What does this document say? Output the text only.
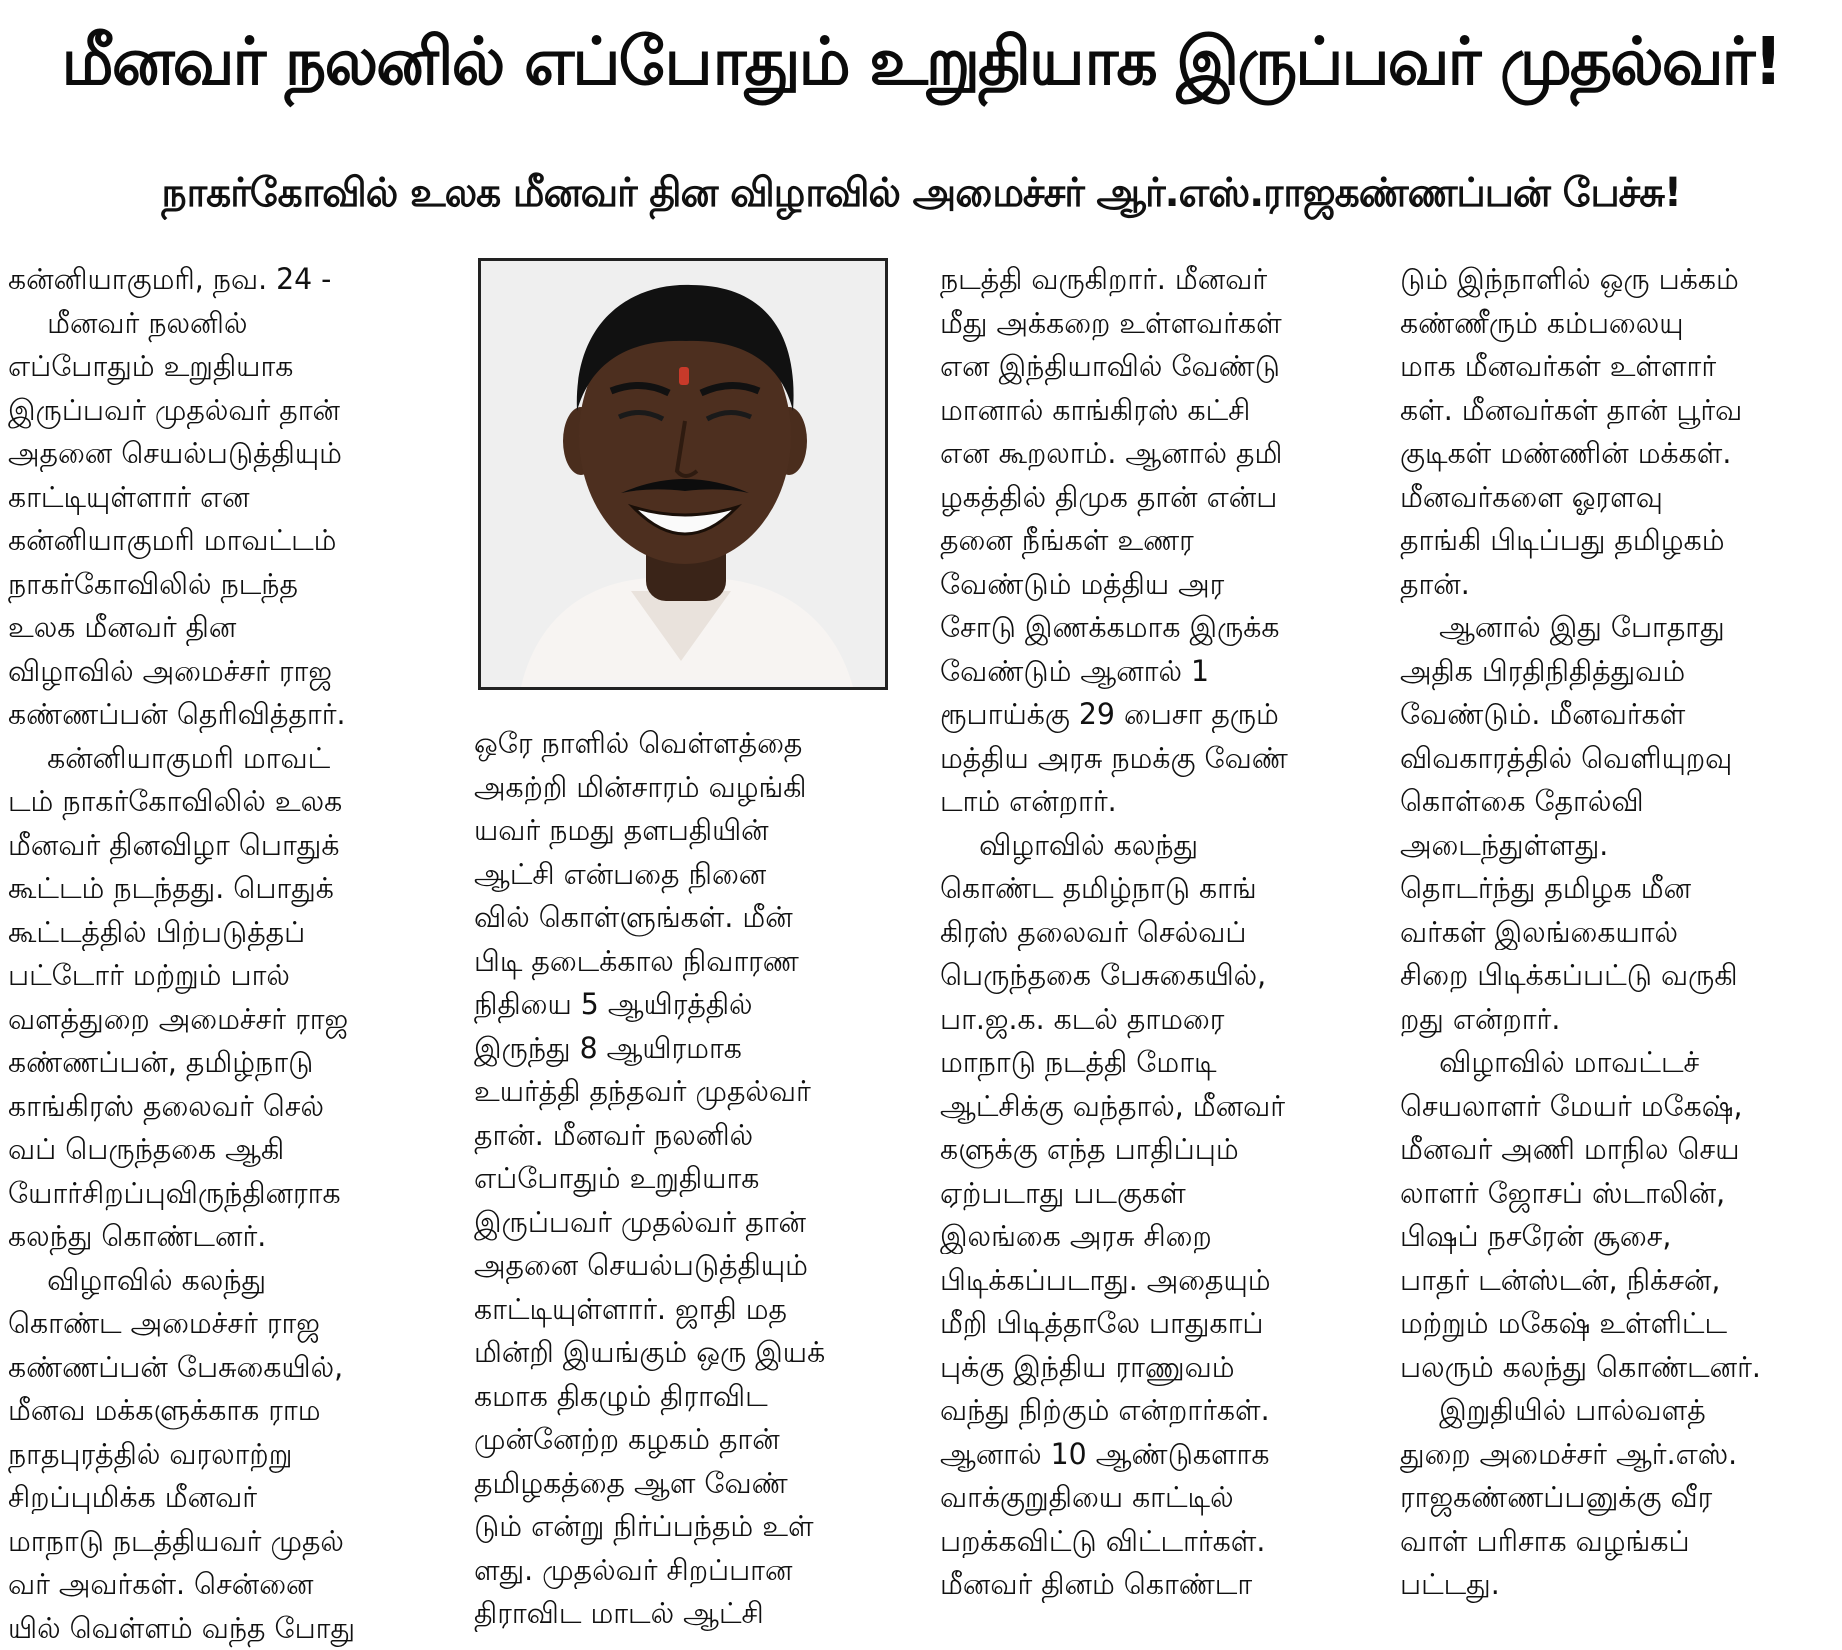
மீனவர் நலனில் எப்போதும் உறுதியாக இருப்பவர் முதல்வர்!
நாகர்கோவில் உலக மீனவர் தின விழாவில் அமைச்சர் ஆர்.எஸ்.ராஜகண்ணப்பன் பேச்சு!
கன்னியாகுமரி, நவ. 24 -
மீனவர் நலனில்
எப்போதும் உறுதியாக
இருப்பவர் முதல்வர் தான்
அதனை செயல்படுத்தியும்
காட்டியுள்ளார் என
கன்னியாகுமரி மாவட்டம்
நாகர்கோவிலில் நடந்த
உலக மீனவர் தின
விழாவில் அமைச்சர் ராஜ
கண்ணப்பன் தெரிவித்தார்.
கன்னியாகுமரி மாவட்
டம் நாகர்கோவிலில் உலக
மீனவர் தினவிழா பொதுக்
கூட்டம் நடந்தது. பொதுக்
கூட்டத்தில் பிற்படுத்தப்
பட்டோர் மற்றும் பால்
வளத்துறை அமைச்சர் ராஜ
கண்ணப்பன், தமிழ்நாடு
காங்கிரஸ் தலைவர் செல்
வப் பெருந்தகை ஆகி
யோர்சிறப்புவிருந்தினராக
கலந்து கொண்டனர்.
விழாவில் கலந்து
கொண்ட அமைச்சர் ராஜ
கண்ணப்பன் பேசுகையில்,
மீனவ மக்களுக்காக ராம
நாதபுரத்தில் வரலாற்று
சிறப்புமிக்க மீனவர்
மாநாடு நடத்தியவர் முதல்
வர் அவர்கள். சென்னை
யில் வெள்ளம் வந்த போது
ஒரே நாளில் வெள்ளத்தை
அகற்றி மின்சாரம் வழங்கி
யவர் நமது தளபதியின்
ஆட்சி என்பதை நினை
வில் கொள்ளுங்கள். மீன்
பிடி தடைக்கால நிவாரண
நிதியை 5 ஆயிரத்தில்
இருந்து 8 ஆயிரமாக
உயர்த்தி தந்தவர் முதல்வர்
தான். மீனவர் நலனில்
எப்போதும் உறுதியாக
இருப்பவர் முதல்வர் தான்
அதனை செயல்படுத்தியும்
காட்டியுள்ளார். ஜாதி மத
மின்றி இயங்கும் ஒரு இயக்
கமாக திகழும் திராவிட
முன்னேற்ற கழகம் தான்
தமிழகத்தை ஆள வேண்
டும் என்று நிர்ப்பந்தம் உள்
ளது. முதல்வர் சிறப்பான
திராவிட மாடல் ஆட்சி
நடத்தி வருகிறார். மீனவர்
மீது அக்கறை உள்ளவர்கள்
என இந்தியாவில் வேண்டு
மானால் காங்கிரஸ் கட்சி
என கூறலாம். ஆனால் தமி
ழகத்தில் திமுக தான் என்ப
தனை நீங்கள் உணர
வேண்டும் மத்திய அர
சோடு இணக்கமாக இருக்க
வேண்டும் ஆனால் 1
ரூபாய்க்கு 29 பைசா தரும்
மத்திய அரசு நமக்கு வேண்
டாம் என்றார்.
விழாவில் கலந்து
கொண்ட தமிழ்நாடு காங்
கிரஸ் தலைவர் செல்வப்
பெருந்தகை பேசுகையில்,
பா.ஜ.க. கடல் தாமரை
மாநாடு நடத்தி மோடி
ஆட்சிக்கு வந்தால், மீனவர்
களுக்கு எந்த பாதிப்பும்
ஏற்படாது படகுகள்
இலங்கை அரசு சிறை
பிடிக்கப்படாது. அதையும்
மீறி பிடித்தாலே பாதுகாப்
புக்கு இந்திய ராணுவம்
வந்து நிற்கும் என்றார்கள்.
ஆனால் 10 ஆண்டுகளாக
வாக்குறுதியை காட்டில்
பறக்கவிட்டு விட்டார்கள்.
மீனவர் தினம் கொண்டா
டும் இந்நாளில் ஒரு பக்கம்
கண்ணீரும் கம்பலையு
மாக மீனவர்கள் உள்ளார்
கள். மீனவர்கள் தான் பூர்வ
குடிகள் மண்ணின் மக்கள்.
மீனவர்களை ஓரளவு
தாங்கி பிடிப்பது தமிழகம்
தான்.
ஆனால் இது போதாது
அதிக பிரதிநிதித்துவம்
வேண்டும். மீனவர்கள்
விவகாரத்தில் வெளியுறவு
கொள்கை தோல்வி
அடைந்துள்ளது.
தொடர்ந்து தமிழக மீன
வர்கள் இலங்கையால்
சிறை பிடிக்கப்பட்டு வருகி
றது என்றார்.
விழாவில் மாவட்டச்
செயலாளர் மேயர் மகேஷ்,
மீனவர் அணி மாநில செய
லாளர் ஜோசப் ஸ்டாலின்,
பிஷப் நசரேன் சூசை,
பாதர் டன்ஸ்டன், நிக்சன்,
மற்றும் மகேஷ் உள்ளிட்ட
பலரும் கலந்து கொண்டனர்.
இறுதியில் பால்வளத்
துறை அமைச்சர் ஆர்.எஸ்.
ராஜகண்ணப்பனுக்கு வீர
வாள் பரிசாக வழங்கப்
பட்டது.
